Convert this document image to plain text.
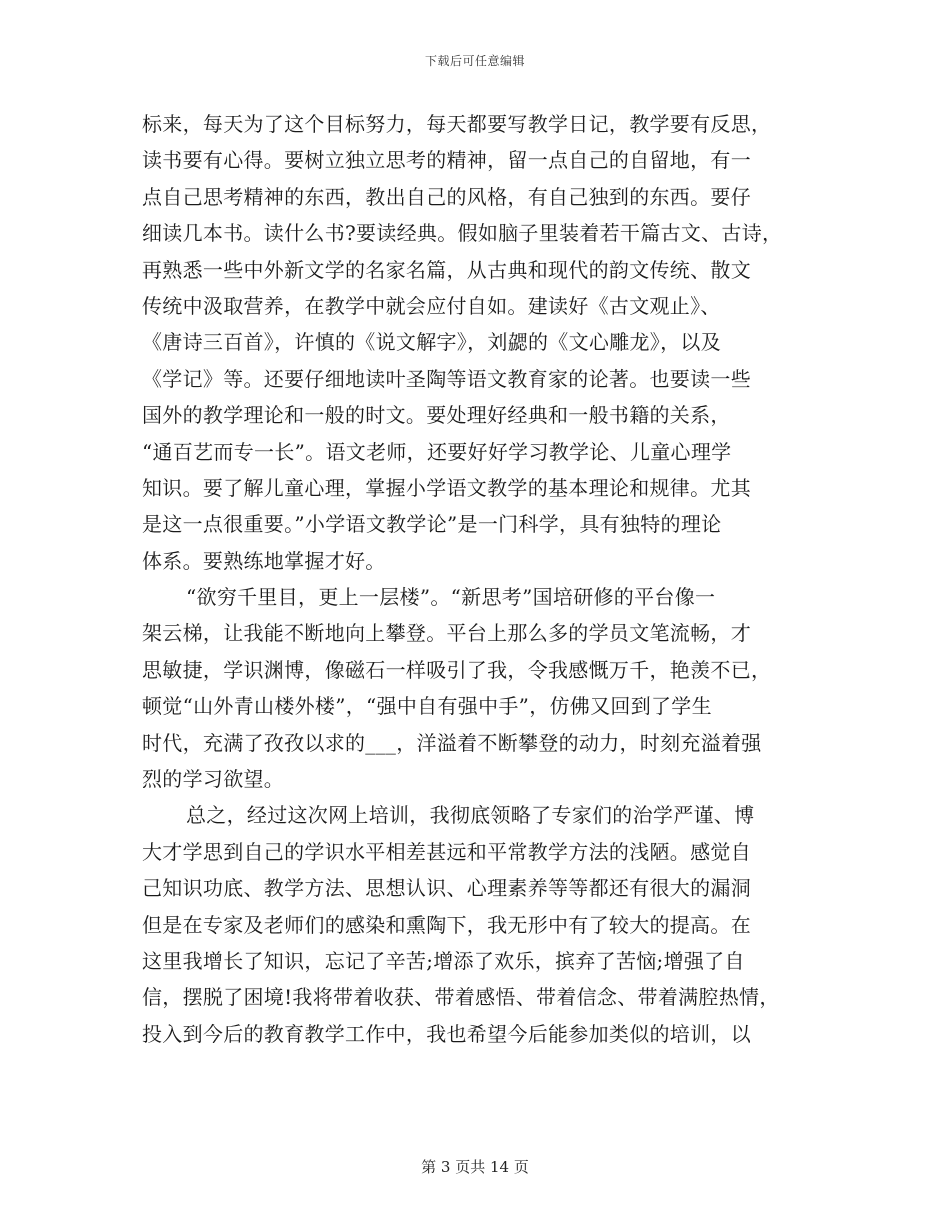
下载后可任意编辑
标来，每天为了这个目标努力，每天都要写教学日记，教学要有反思，
读书要有心得。要树立独立思考的精神，留一点自己的自留地，有一
点自己思考精神的东西，教出自己的风格，有自己独到的东西。要仔
细读几本书。读什么书?要读经典。假如脑子里装着若干篇古文、古诗，
再熟悉一些中外新文学的名家名篇，从古典和现代的韵文传统、散文
传统中汲取营养，在教学中就会应付自如。建读好《古文观止》、
《唐诗三百首》，许慎的《说文解字》，刘勰的《文心雕龙》，以及
《学记》等。还要仔细地读叶圣陶等语文教育家的论著。也要读一些
国外的教学理论和一般的时文。要处理好经典和一般书籍的关系，
“通百艺而专一长”。语文老师，还要好好学习教学论、儿童心理学
知识。要了解儿童心理，掌握小学语文教学的基本理论和规律。尤其
是这一点很重要。”小学语文教学论”是一门科学，具有独特的理论
体系。要熟练地掌握才好。
“欲穷千里目，更上一层楼”。“新思考”国培研修的平台像一
架云梯，让我能不断地向上攀登。平台上那么多的学员文笔流畅，才
思敏捷，学识渊博，像磁石一样吸引了我，令我感慨万千，艳羡不已，
顿觉“山外青山楼外楼”，“强中自有强中手”，仿佛又回到了学生
时代，充满了孜孜以求的___，洋溢着不断攀登的动力，时刻充溢着强
烈的学习欲望。
总之，经过这次网上培训，我彻底领略了专家们的治学严谨、博
大才学思到自己的学识水平相差甚远和平常教学方法的浅陋。感觉自
己知识功底、教学方法、思想认识、心理素养等等都还有很大的漏洞
但是在专家及老师们的感染和熏陶下，我无形中有了较大的提高。在
这里我增长了知识，忘记了辛苦;增添了欢乐，摈弃了苦恼;增强了自
信，摆脱了困境!我将带着收获、带着感悟、带着信念、带着满腔热情，
投入到今后的教育教学工作中，我也希望今后能参加类似的培训，以
第 3 页共 14 页
